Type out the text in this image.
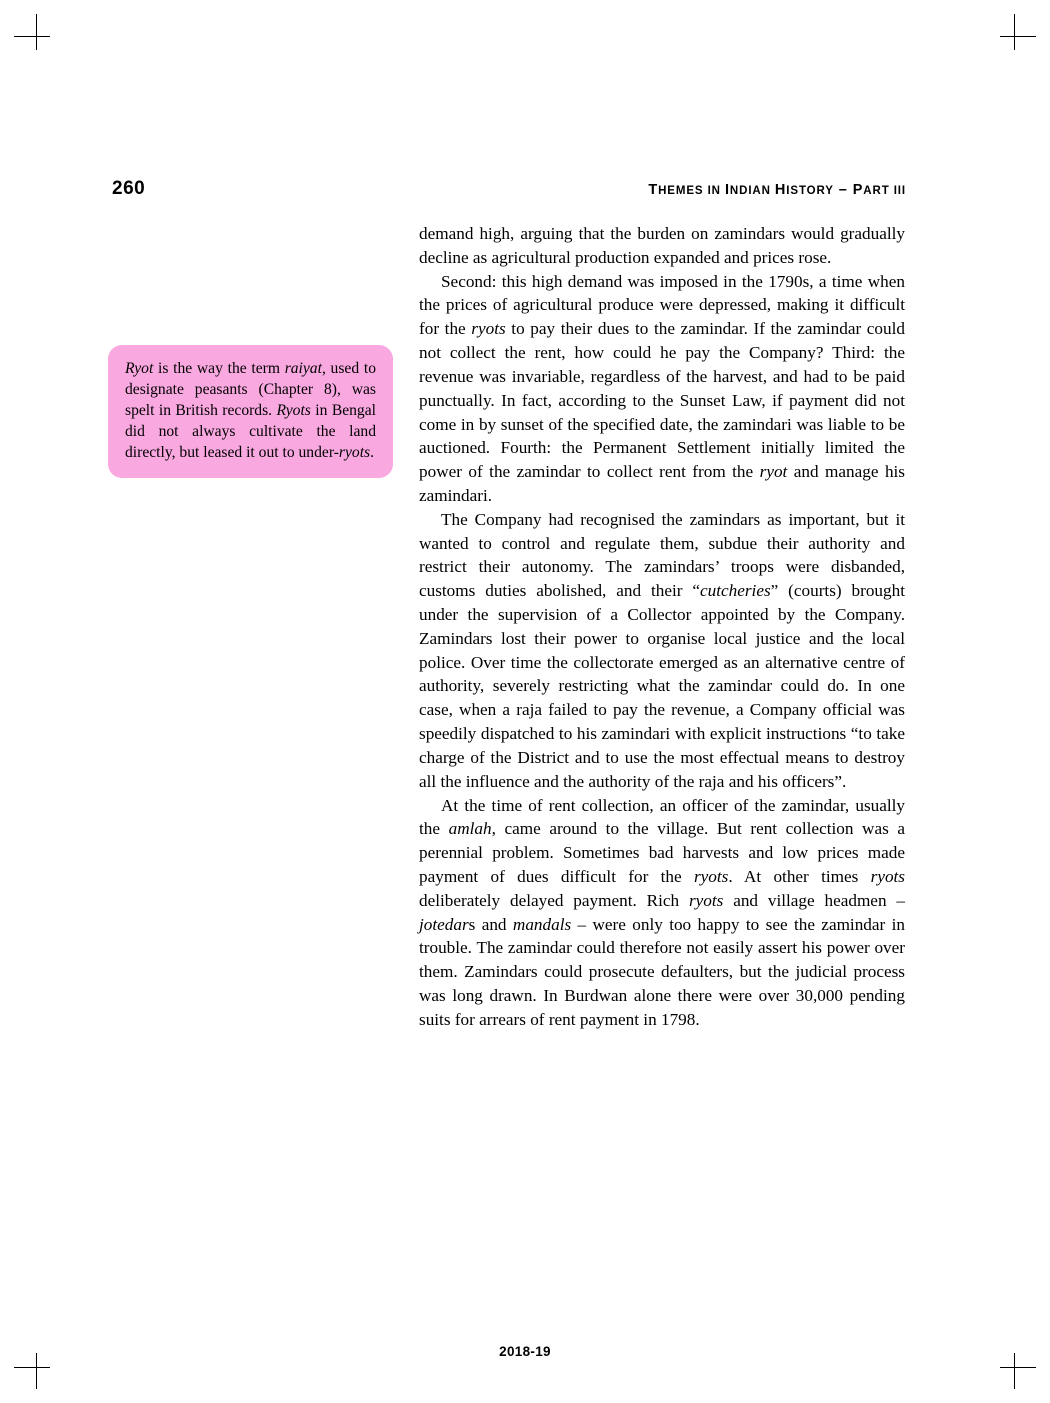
260	THEMES IN INDIAN HISTORY – PART III
Ryot is the way the term raiyat, used to designate peasants (Chapter 8), was spelt in British records. Ryots in Bengal did not always cultivate the land directly, but leased it out to under-ryots.

demand high, arguing that the burden on zamindars would gradually decline as agricultural production expanded and prices rose.

Second: this high demand was imposed in the 1790s, a time when the prices of agricultural produce were depressed, making it difficult for the ryots to pay their dues to the zamindar. If the zamindar could not collect the rent, how could he pay the Company? Third: the revenue was invariable, regardless of the harvest, and had to be paid punctually. In fact, according to the Sunset Law, if payment did not come in by sunset of the specified date, the zamindari was liable to be auctioned. Fourth: the Permanent Settlement initially limited the power of the zamindar to collect rent from the ryot and manage his zamindari.

The Company had recognised the zamindars as important, but it wanted to control and regulate them, subdue their authority and restrict their autonomy. The zamindars’ troops were disbanded, customs duties abolished, and their “cutcheries” (courts) brought under the supervision of a Collector appointed by the Company. Zamindars lost their power to organise local justice and the local police. Over time the collectorate emerged as an alternative centre of authority, severely restricting what the zamindar could do. In one case, when a raja failed to pay the revenue, a Company official was speedily dispatched to his zamindari with explicit instructions “to take charge of the District and to use the most effectual means to destroy all the influence and the authority of the raja and his officers”.

At the time of rent collection, an officer of the zamindar, usually the amlah, came around to the village. But rent collection was a perennial problem. Sometimes bad harvests and low prices made payment of dues difficult for the ryots. At other times ryots deliberately delayed payment. Rich ryots and village headmen – jotedars and mandals – were only too happy to see the zamindar in trouble. The zamindar could therefore not easily assert his power over them. Zamindars could prosecute defaulters, but the judicial process was long drawn. In Burdwan alone there were over 30,000 pending suits for arrears of rent payment in 1798.

2018-19
